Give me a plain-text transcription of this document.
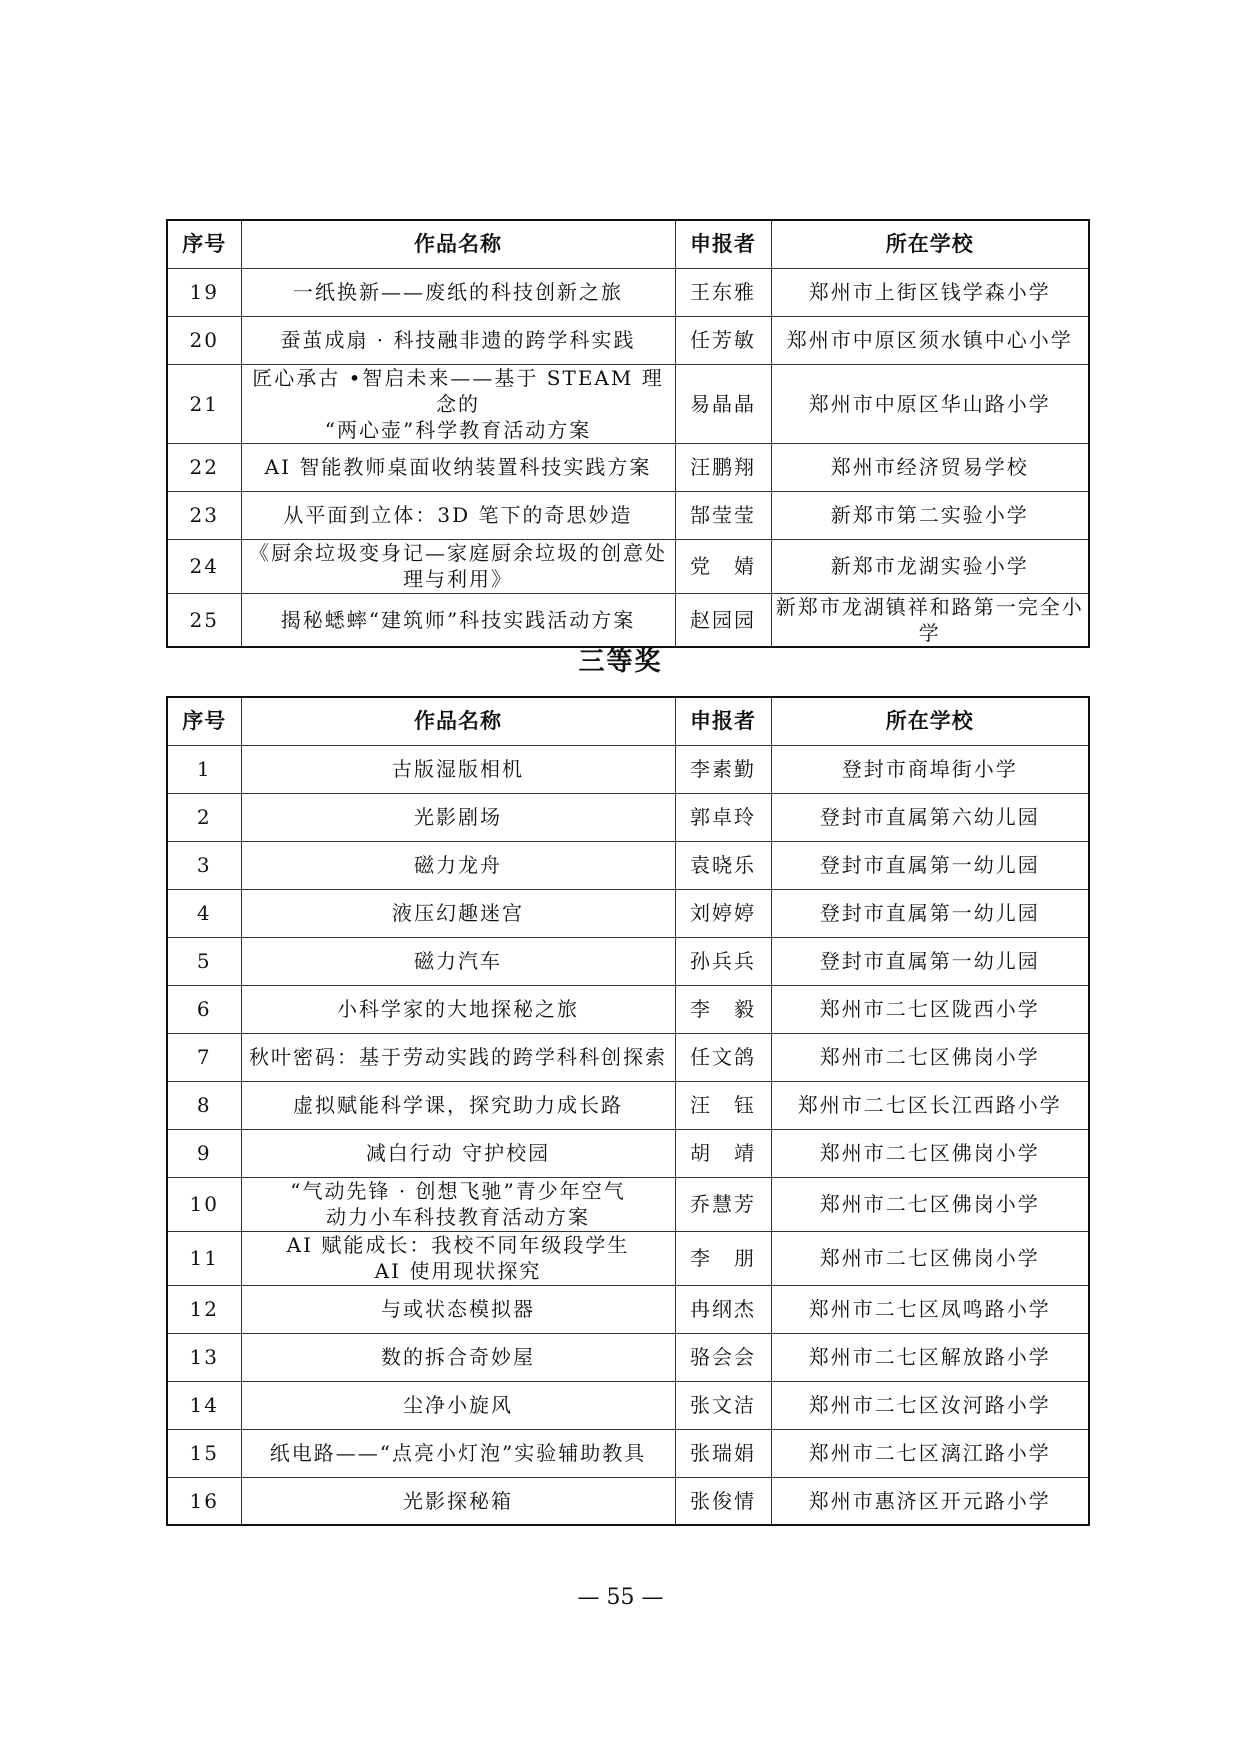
序号	作品名称	申报者	所在学校
19	一纸换新——废纸的科技创新之旅	王东雅	郑州市上街区钱学森小学
20	蚕茧成扇 · 科技融非遗的跨学科实践	任芳敏	郑州市中原区须水镇中心小学
21	匠心承古 •智启未来——基于 STEAM 理念的
“两心壶”科学教育活动方案	易晶晶	郑州市中原区华山路小学
22	AI 智能教师桌面收纳装置科技实践方案	汪鹏翔	郑州市经济贸易学校
23	从平面到立体：3D 笔下的奇思妙造	郜莹莹	新郑市第二实验小学
24	《厨余垃圾变身记—家庭厨余垃圾的创意处
理与利用》	党　婧	新郑市龙湖实验小学
25	揭秘蟋蟀“建筑师”科技实践活动方案	赵园园	新郑市龙湖镇祥和路第一完全小学
三等奖
序号	作品名称	申报者	所在学校
1	古版湿版相机	李素勤	登封市商埠街小学
2	光影剧场	郭卓玲	登封市直属第六幼儿园
3	磁力龙舟	袁晓乐	登封市直属第一幼儿园
4	液压幻趣迷宫	刘婷婷	登封市直属第一幼儿园
5	磁力汽车	孙兵兵	登封市直属第一幼儿园
6	小科学家的大地探秘之旅	李　毅	郑州市二七区陇西小学
7	秋叶密码：基于劳动实践的跨学科科创探索	任文鸽	郑州市二七区佛岗小学
8	虚拟赋能科学课，探究助力成长路	汪　钰	郑州市二七区长江西路小学
9	减白行动 守护校园	胡　靖	郑州市二七区佛岗小学
10	“气动先锋 · 创想飞驰”青少年空气
动力小车科技教育活动方案	乔慧芳	郑州市二七区佛岗小学
11	AI 赋能成长：我校不同年级段学生
AI 使用现状探究	李　朋	郑州市二七区佛岗小学
12	与或状态模拟器	冉纲杰	郑州市二七区凤鸣路小学
13	数的拆合奇妙屋	骆会会	郑州市二七区解放路小学
14	尘净小旋风	张文洁	郑州市二七区汝河路小学
15	纸电路——“点亮小灯泡”实验辅助教具	张瑞娟	郑州市二七区漓江路小学
16	光影探秘箱	张俊情	郑州市惠济区开元路小学
— 55 —
